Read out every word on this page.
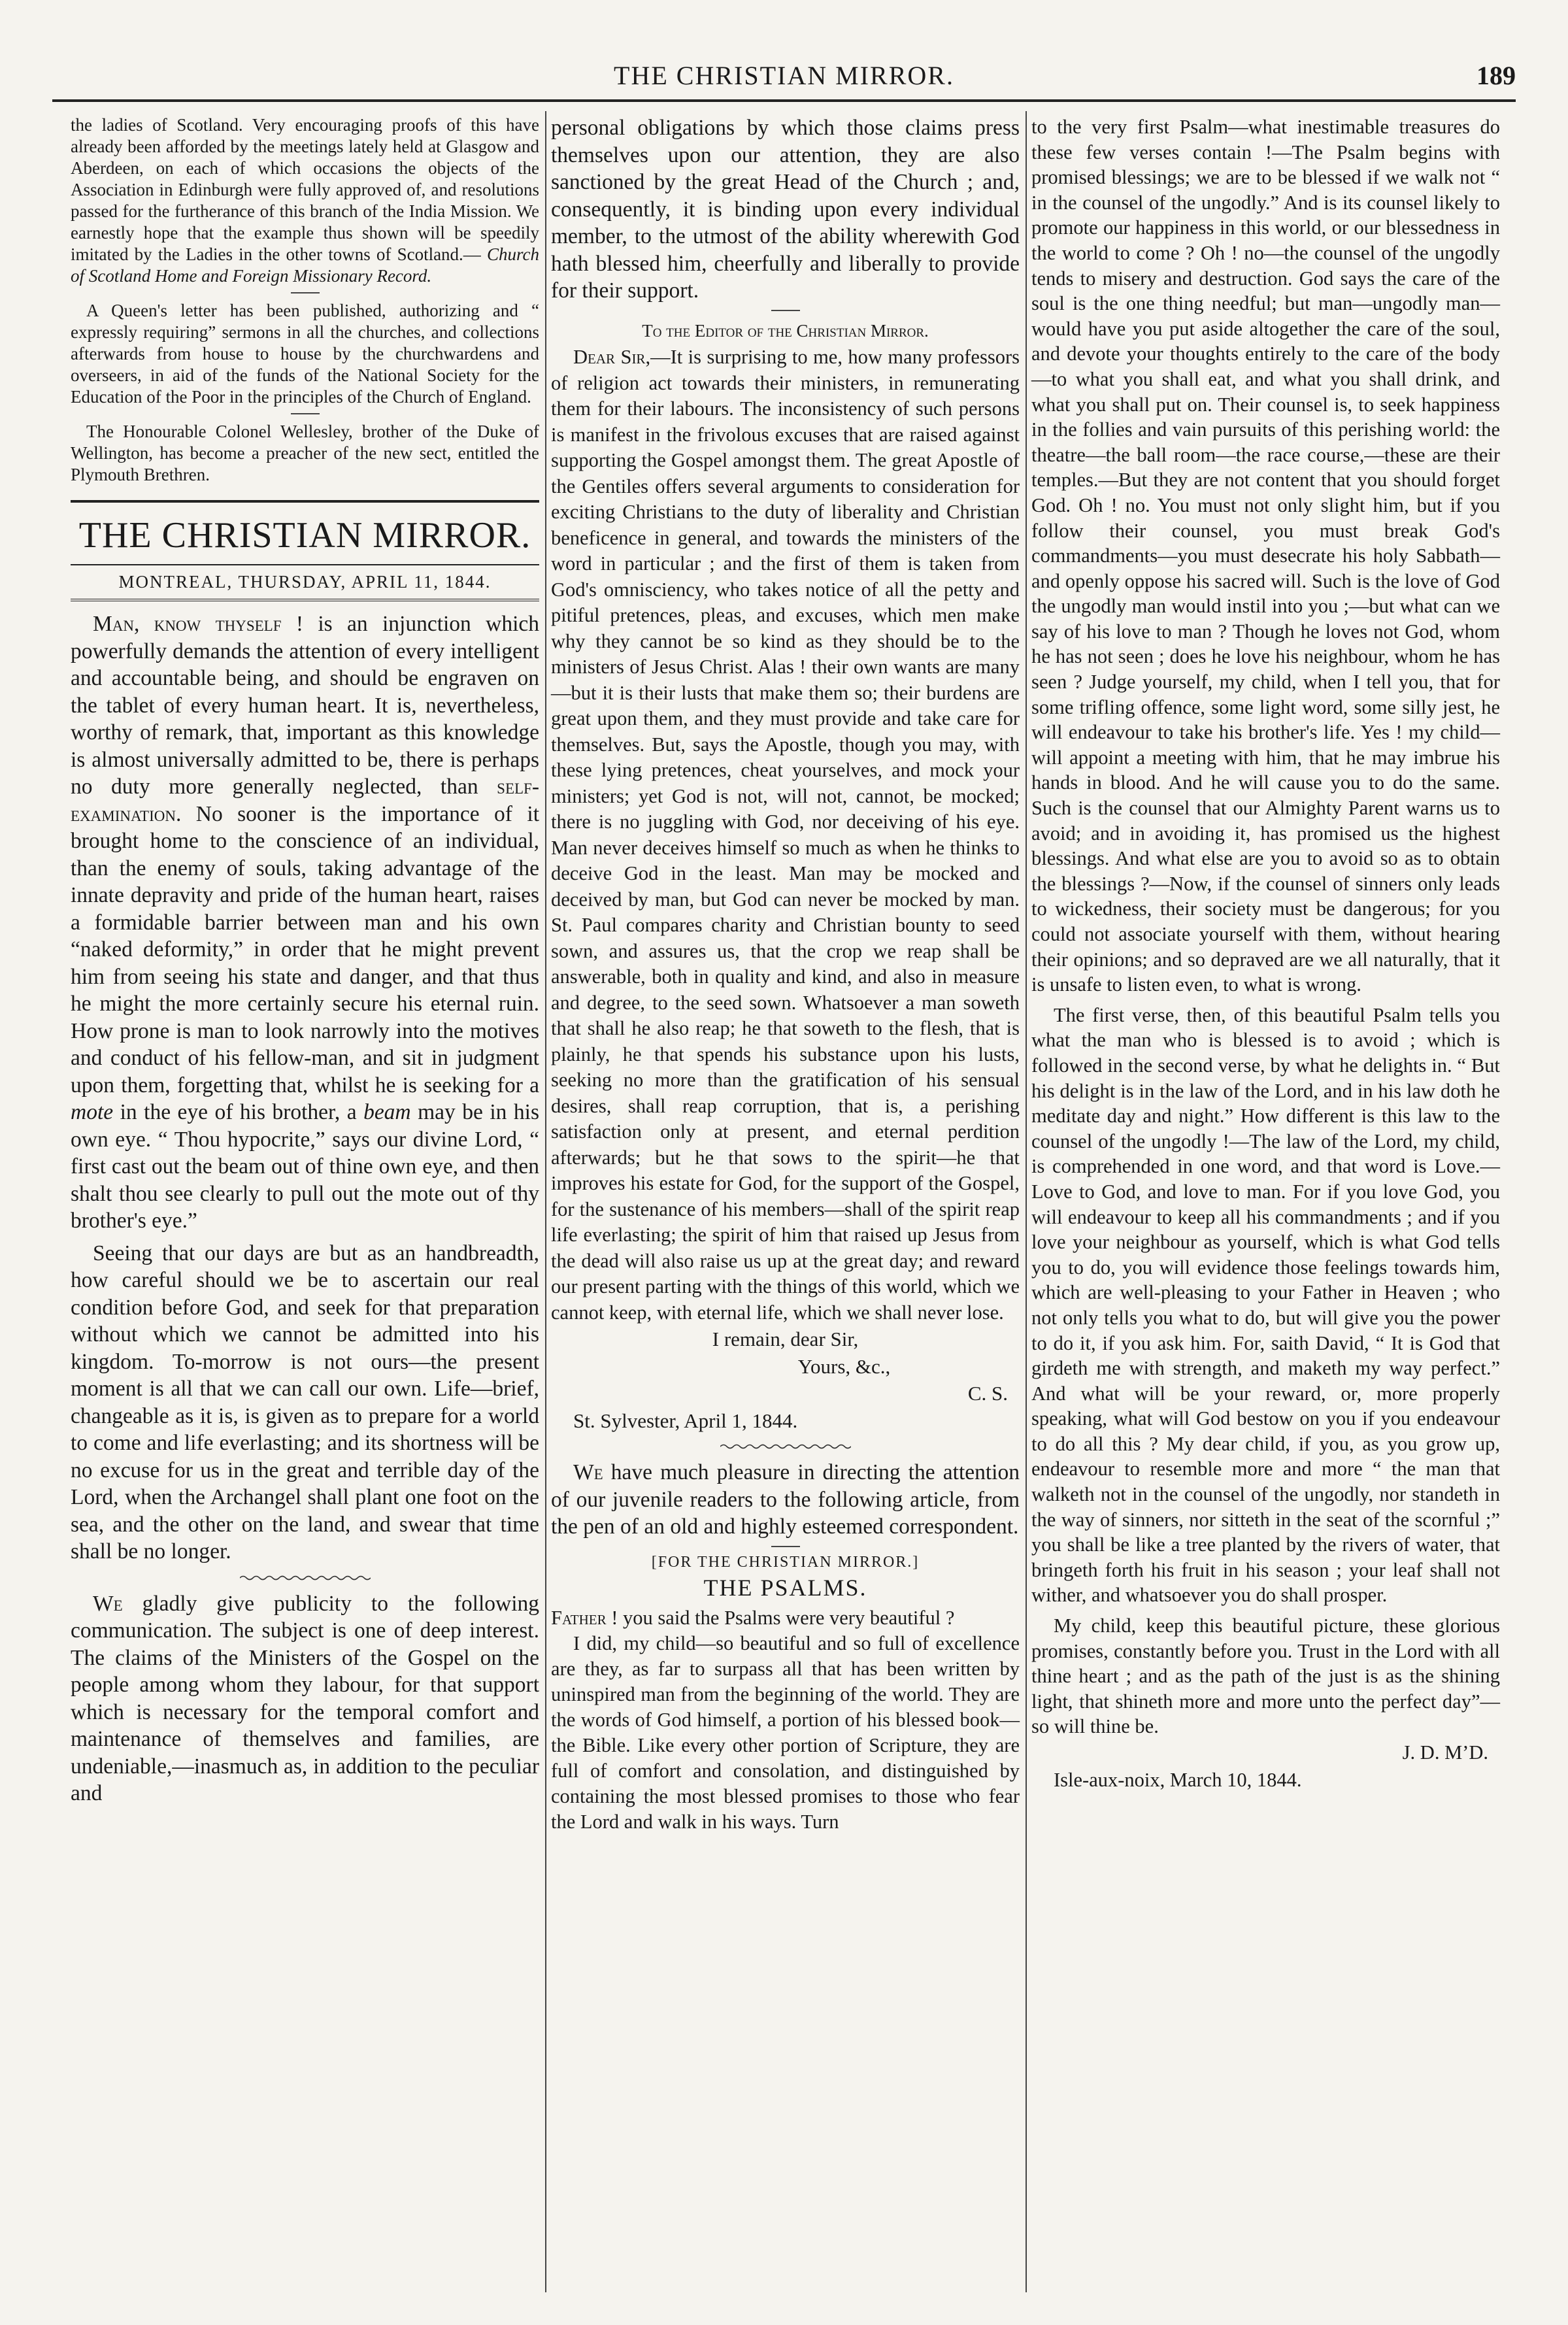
THE CHRISTIAN MIRROR.	189

the ladies of Scotland. Very encouraging proofs of this have already been afforded by the meetings lately held at Glasgow and Aberdeen, on each of which occasions the objects of the Association in Edinburgh were fully approved of, and resolutions passed for the furtherance of this branch of the India Mission. We earnestly hope that the example thus shown will be speedily imitated by the Ladies in the other towns of Scotland.— Church of Scotland Home and Foreign Missionary Record.

A Queen's letter has been published, authorizing and “ expressly requiring” sermons in all the churches, and collections afterwards from house to house by the churchwardens and overseers, in aid of the funds of the National Society for the Education of the Poor in the principles of the Church of England.

The Honourable Colonel Wellesley, brother of the Duke of Wellington, has become a preacher of the new sect, entitled the Plymouth Brethren.

THE CHRISTIAN MIRROR.
MONTREAL, THURSDAY, APRIL 11, 1844.

Man, know thyself ! is an injunction which powerfully demands the attention of every intelligent and accountable being, and should be engraven on the tablet of every human heart. It is, nevertheless, worthy of remark, that, important as this knowledge is almost universally admitted to be, there is perhaps no duty more generally neglected, than self-examination. No sooner is the importance of it brought home to the conscience of an individual, than the enemy of souls, taking advantage of the innate depravity and pride of the human heart, raises a formidable barrier between man and his own “naked deformity,” in order that he might prevent him from seeing his state and danger, and that thus he might the more certainly secure his eternal ruin. How prone is man to look narrowly into the motives and conduct of his fellow-man, and sit in judgment upon them, forgetting that, whilst he is seeking for a mote in the eye of his brother, a beam may be in his own eye. “ Thou hypocrite,” says our divine Lord, “ first cast out the beam out of thine own eye, and then shalt thou see clearly to pull out the mote out of thy brother's eye.”

Seeing that our days are but as an handbreadth, how careful should we be to ascertain our real condition before God, and seek for that preparation without which we cannot be admitted into his kingdom. To-morrow is not ours—the present moment is all that we can call our own. Life—brief, changeable as it is, is given as to prepare for a world to come and life everlasting; and its shortness will be no excuse for us in the great and terrible day of the Lord, when the Archangel shall plant one foot on the sea, and the other on the land, and swear that time shall be no longer.

We gladly give publicity to the following communication. The subject is one of deep interest. The claims of the Ministers of the Gospel on the people among whom they labour, for that support which is necessary for the temporal comfort and maintenance of themselves and families, are undeniable,—inasmuch as, in addition to the peculiar and

personal obligations by which those claims press themselves upon our attention, they are also sanctioned by the great Head of the Church ; and, consequently, it is binding upon every individual member, to the utmost of the ability wherewith God hath blessed him, cheerfully and liberally to provide for their support.

To the Editor of the Christian Mirror.

Dear Sir,—It is surprising to me, how many professors of religion act towards their ministers, in remunerating them for their labours. The inconsistency of such persons is manifest in the frivolous excuses that are raised against supporting the Gospel amongst them. The great Apostle of the Gentiles offers several arguments to consideration for exciting Christians to the duty of liberality and Christian beneficence in general, and towards the ministers of the word in particular ; and the first of them is taken from God's omnisciency, who takes notice of all the petty and pitiful pretences, pleas, and excuses, which men make why they cannot be so kind as they should be to the ministers of Jesus Christ. Alas ! their own wants are many—but it is their lusts that make them so; their burdens are great upon them, and they must provide and take care for themselves. But, says the Apostle, though you may, with these lying pretences, cheat yourselves, and mock your ministers; yet God is not, will not, cannot, be mocked; there is no juggling with God, nor deceiving of his eye. Man never deceives himself so much as when he thinks to deceive God in the least. Man may be mocked and deceived by man, but God can never be mocked by man. St. Paul compares charity and Christian bounty to seed sown, and assures us, that the crop we reap shall be answerable, both in quality and kind, and also in measure and degree, to the seed sown. Whatsoever a man soweth that shall he also reap; he that soweth to the flesh, that is plainly, he that spends his substance upon his lusts, seeking no more than the gratification of his sensual desires, shall reap corruption, that is, a perishing satisfaction only at present, and eternal perdition afterwards; but he that sows to the spirit—he that improves his estate for God, for the support of the Gospel, for the sustenance of his members—shall of the spirit reap life everlasting; the spirit of him that raised up Jesus from the dead will also raise us up at the great day; and reward our present parting with the things of this world, which we cannot keep, with eternal life, which we shall never lose.

I remain, dear Sir,

Yours, &c.,

C. S.

St. Sylvester, April 1, 1844.

We have much pleasure in directing the attention of our juvenile readers to the following article, from the pen of an old and highly esteemed correspondent.

[FOR THE CHRISTIAN MIRROR.]

THE PSALMS.

Father ! you said the Psalms were very beautiful ?

I did, my child—so beautiful and so full of excellence are they, as far to surpass all that has been written by uninspired man from the beginning of the world. They are the words of God himself, a portion of his blessed book—the Bible. Like every other portion of Scripture, they are full of comfort and consolation, and distinguished by containing the most blessed promises to those who fear the Lord and walk in his ways. Turn

to the very first Psalm—what inestimable treasures do these few verses contain !—The Psalm begins with promised blessings; we are to be blessed if we walk not “ in the counsel of the ungodly.” And is its counsel likely to promote our happiness in this world, or our blessedness in the world to come ? Oh ! no—the counsel of the ungodly tends to misery and destruction. God says the care of the soul is the one thing needful; but man—ungodly man—would have you put aside altogether the care of the soul, and devote your thoughts entirely to the care of the body—to what you shall eat, and what you shall drink, and what you shall put on. Their counsel is, to seek happiness in the follies and vain pursuits of this perishing world: the theatre—the ball room—the race course,—these are their temples.—But they are not content that you should forget God. Oh ! no. You must not only slight him, but if you follow their counsel, you must break God's commandments—you must desecrate his holy Sabbath—and openly oppose his sacred will. Such is the love of God the ungodly man would instil into you ;—but what can we say of his love to man ? Though he loves not God, whom he has not seen ; does he love his neighbour, whom he has seen ? Judge yourself, my child, when I tell you, that for some trifling offence, some light word, some silly jest, he will endeavour to take his brother's life. Yes ! my child—will appoint a meeting with him, that he may imbrue his hands in blood. And he will cause you to do the same. Such is the counsel that our Almighty Parent warns us to avoid; and in avoiding it, has promised us the highest blessings. And what else are you to avoid so as to obtain the blessings ?—Now, if the counsel of sinners only leads to wickedness, their society must be dangerous; for you could not associate yourself with them, without hearing their opinions; and so depraved are we all naturally, that it is unsafe to listen even, to what is wrong.

The first verse, then, of this beautiful Psalm tells you what the man who is blessed is to avoid ; which is followed in the second verse, by what he delights in. “ But his delight is in the law of the Lord, and in his law doth he meditate day and night.” How different is this law to the counsel of the ungodly !—The law of the Lord, my child, is comprehended in one word, and that word is Love.—Love to God, and love to man. For if you love God, you will endeavour to keep all his commandments ; and if you love your neighbour as yourself, which is what God tells you to do, you will evidence those feelings towards him, which are well-pleasing to your Father in Heaven ; who not only tells you what to do, but will give you the power to do it, if you ask him. For, saith David, “ It is God that girdeth me with strength, and maketh my way perfect.” And what will be your reward, or, more properly speaking, what will God bestow on you if you endeavour to do all this ? My dear child, if you, as you grow up, endeavour to resemble more and more “ the man that walketh not in the counsel of the ungodly, nor standeth in the way of sinners, nor sitteth in the seat of the scornful ;” you shall be like a tree planted by the rivers of water, that bringeth forth his fruit in his season ; your leaf shall not wither, and whatsoever you do shall prosper.

My child, keep this beautiful picture, these glorious promises, constantly before you. Trust in the Lord with all thine heart ; and as the path of the just is as the shining light, that shineth more and more unto the perfect day”—so will thine be.

J. D. M’D.

Isle-aux-noix, March 10, 1844.
